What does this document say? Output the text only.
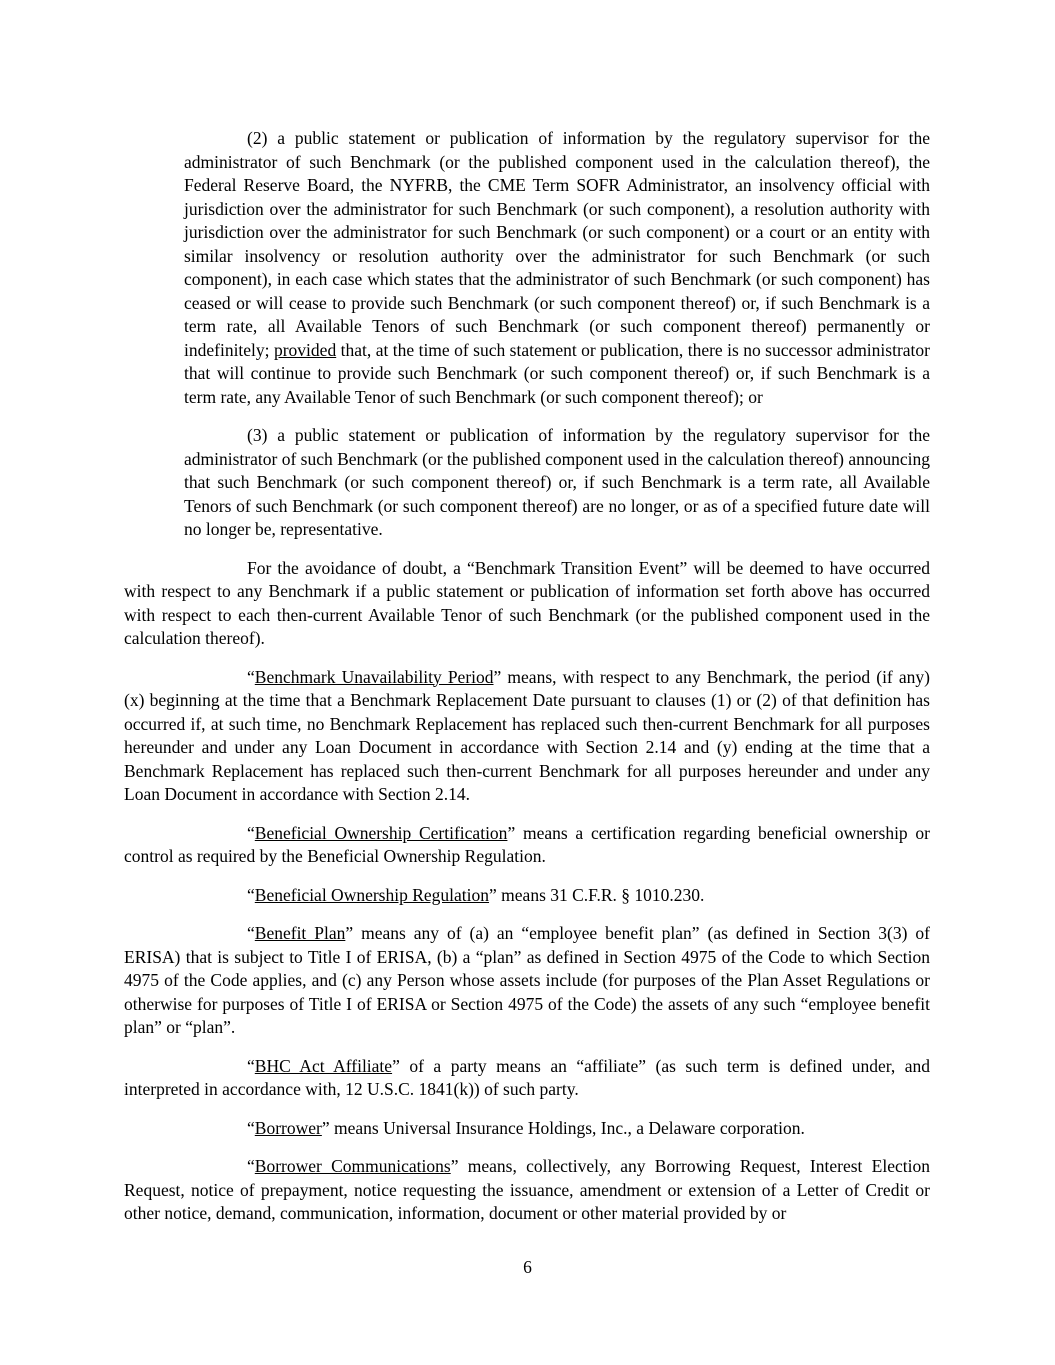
(2) a public statement or publication of information by the regulatory supervisor for the administrator of such Benchmark (or the published component used in the calculation thereof), the Federal Reserve Board, the NYFRB, the CME Term SOFR Administrator, an insolvency official with jurisdiction over the administrator for such Benchmark (or such component), a resolution authority with jurisdiction over the administrator for such Benchmark (or such component) or a court or an entity with similar insolvency or resolution authority over the administrator for such Benchmark (or such component), in each case which states that the administrator of such Benchmark (or such component) has ceased or will cease to provide such Benchmark (or such component thereof) or, if such Benchmark is a term rate, all Available Tenors of such Benchmark (or such component thereof) permanently or indefinitely; provided that, at the time of such statement or publication, there is no successor administrator that will continue to provide such Benchmark (or such component thereof) or, if such Benchmark is a term rate, any Available Tenor of such Benchmark (or such component thereof); or

(3) a public statement or publication of information by the regulatory supervisor for the administrator of such Benchmark (or the published component used in the calculation thereof) announcing that such Benchmark (or such component thereof) or, if such Benchmark is a term rate, all Available Tenors of such Benchmark (or such component thereof) are no longer, or as of a specified future date will no longer be, representative.

For the avoidance of doubt, a “Benchmark Transition Event” will be deemed to have occurred with respect to any Benchmark if a public statement or publication of information set forth above has occurred with respect to each then-current Available Tenor of such Benchmark (or the published component used in the calculation thereof).

“Benchmark Unavailability Period” means, with respect to any Benchmark, the period (if any) (x) beginning at the time that a Benchmark Replacement Date pursuant to clauses (1) or (2) of that definition has occurred if, at such time, no Benchmark Replacement has replaced such then-current Benchmark for all purposes hereunder and under any Loan Document in accordance with Section 2.14 and (y) ending at the time that a Benchmark Replacement has replaced such then-current Benchmark for all purposes hereunder and under any Loan Document in accordance with Section 2.14.

“Beneficial Ownership Certification” means a certification regarding beneficial ownership or control as required by the Beneficial Ownership Regulation.

“Beneficial Ownership Regulation” means 31 C.F.R. § 1010.230.

“Benefit Plan” means any of (a) an “employee benefit plan” (as defined in Section 3(3) of ERISA) that is subject to Title I of ERISA, (b) a “plan” as defined in Section 4975 of the Code to which Section 4975 of the Code applies, and (c) any Person whose assets include (for purposes of the Plan Asset Regulations or otherwise for purposes of Title I of ERISA or Section 4975 of the Code) the assets of any such “employee benefit plan” or “plan”.

“BHC Act Affiliate” of a party means an “affiliate” (as such term is defined under, and interpreted in accordance with, 12 U.S.C. 1841(k)) of such party.

“Borrower” means Universal Insurance Holdings, Inc., a Delaware corporation.

“Borrower Communications” means, collectively, any Borrowing Request, Interest Election Request, notice of prepayment, notice requesting the issuance, amendment or extension of a Letter of Credit or other notice, demand, communication, information, document or other material provided by or

6
